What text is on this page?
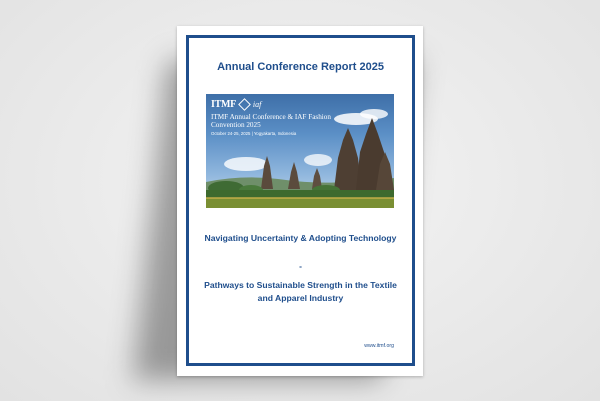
Annual Conference Report 2025
ITMF iaf
ITMF Annual Conference & IAF Fashion Convention 2025
October 24-25, 2025 | Yogyakarta, Indonesia
Navigating Uncertainty & Adopting Technology
-
Pathways to Sustainable Strength in the Textile and Apparel Industry
www.itmf.org
